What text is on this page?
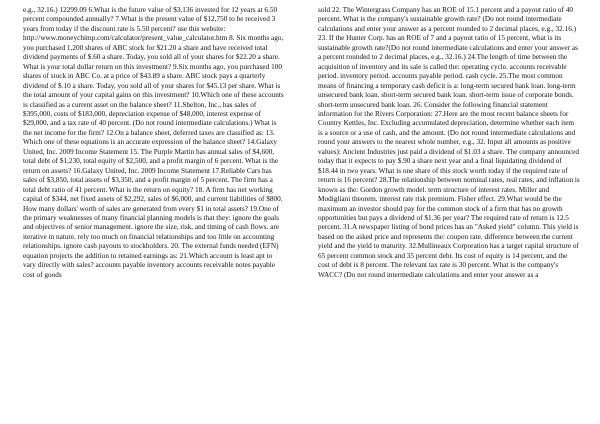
e.g., 32.16.) 12299.09 6.What is the future value of $3,136 invested for 12 years at 6.50 percent compounded annually? 7.What is the present value of $12,750 to be received 3 years from today if the discount rate is 5.50 percent? use this website: http://www.moneychimp.com/calculator/present_value_calculator.htm 8. Six months ago, you purchased 1,200 shares of ABC stock for $21.20 a share and have received total dividend payments of $.60 a share. Today, you sold all of your shares for $22.20 a share. What is your total dollar return on this investment? 9.Six months ago, you purchased 100 shares of stock in ABC Co. at a price of $43.89 a share. ABC stock pays a quarterly dividend of $.10 a share. Today, you sold all of your shares for $45.13 per share. What is the total amount of your capital gains on this investment? 10.Which one of these accounts is classified as a current asset on the balance sheet? 11.Shelton, Inc., has sales of $395,000, costs of $183,000, depreciation expense of $48,000, interest expense of $29,000, and a tax rate of 40 percent. (Do not round intermediate calculations.) What is the net income for the firm? 12.On a balance sheet, deferred taxes are classified as: 13. Which one of these equations is an accurate expression of the balance sheet? 14.Galaxy United, Inc. 2009 Income Statement 15. The Purple Martin has annual sales of $4,600, total debt of $1,230, total equity of $2,500, and a profit margin of 6 percent. What is the return on assets? 16.Galaxy United, Inc. 2009 Income Statement 17.Reliable Cars has sales of $3,850, total assets of $3,350, and a profit margin of 5 percent. The firm has a total debt ratio of 41 percent. What is the return on equity? 18. A firm has net working capital of $344, net fixed assets of $2,292, sales of $6,000, and current liabilities of $800. How many dollars' worth of sales are generated from every $1 in total assets? 19.One of the primary weaknesses of many financial planning models is that they: ignore the goals and objectives of senior management. ignore the size, risk, and timing of cash flows. are iterative in nature. rely too much on financial relationships and too little on accounting relationships. ignore cash payouts to stockholders. 20. The external funds needed (EFN) equation projects the addition to retained earnings as: 21.Which account is least apt to vary directly with sales? accounts payable inventory accounts receivable notes payable cost of goods

sold 22. The Wintergrass Company has an ROE of 15.1 percent and a payout ratio of 40 percent. What is the company's sustainable growth rate? (Do not round intermediate calculations and enter your answer as a percent rounded to 2 decimal places, e.g., 32.16.) 23. If the Hunter Corp. has an ROE of 7 and a payout ratio of 15 percent, what is its sustainable growth rate?(Do not round intermediate calculations and enter your answer as a percent rounded to 2 decimal places, e.g., 32.16.) 24.The length of time between the acquisition of inventory and its sale is called the: operating cycle. accounts receivable period. inventory period. accounts payable period. cash cycle. 25.The most common means of financing a temporary cash deficit is a: long-term secured bank loan. long-term unsecured bank loan. short-term secured bank loan. short-term issue of corporate bonds. short-term unsecured bank loan. 26. Consider the following financial statement information for the Rivers Corporation: 27.Here are the most recent balance sheets for Country Kettles, Inc. Excluding accumulated depreciation, determine whether each item is a source or a use of cash, and the amount. (Do not round intermediate calculations and round your answers to the nearest whole number, e.g., 32. Input all amounts as positive values): Ancient Industries just paid a dividend of $1.03 a share. The company announced today that it expects to pay $.90 a share next year and a final liquidating dividend of $18.44 in two years. What is one share of this stock worth today if the required rate of return is 16 percent? 28.The relationship between nominal rates, real rates, and inflation is known as the: Gordon growth model. term structure of interest rates. Miller and Modigliani theorem. interest rate risk premium. Fisher effect. 29.What would be the maximum an investor should pay for the common stock of a firm that has no growth opportunities but pays a dividend of $1.36 per year? The required rate of return is 12.5 percent. 31.A newspaper listing of bond prices has an "Asked yield" column. This yield is based on the asked price and represents the: coupon rate. difference between the current yield and the yield to maturity. 32.Mullineaux Corporation has a target capital structure of 65 percent common stock and 35 percent debt. Its cost of equity is 14 percent, and the cost of debt is 8 percent. The relevant tax rate is 30 percent. What is the company's WACC? (Do not round intermediate calculations and enter your answer as a
